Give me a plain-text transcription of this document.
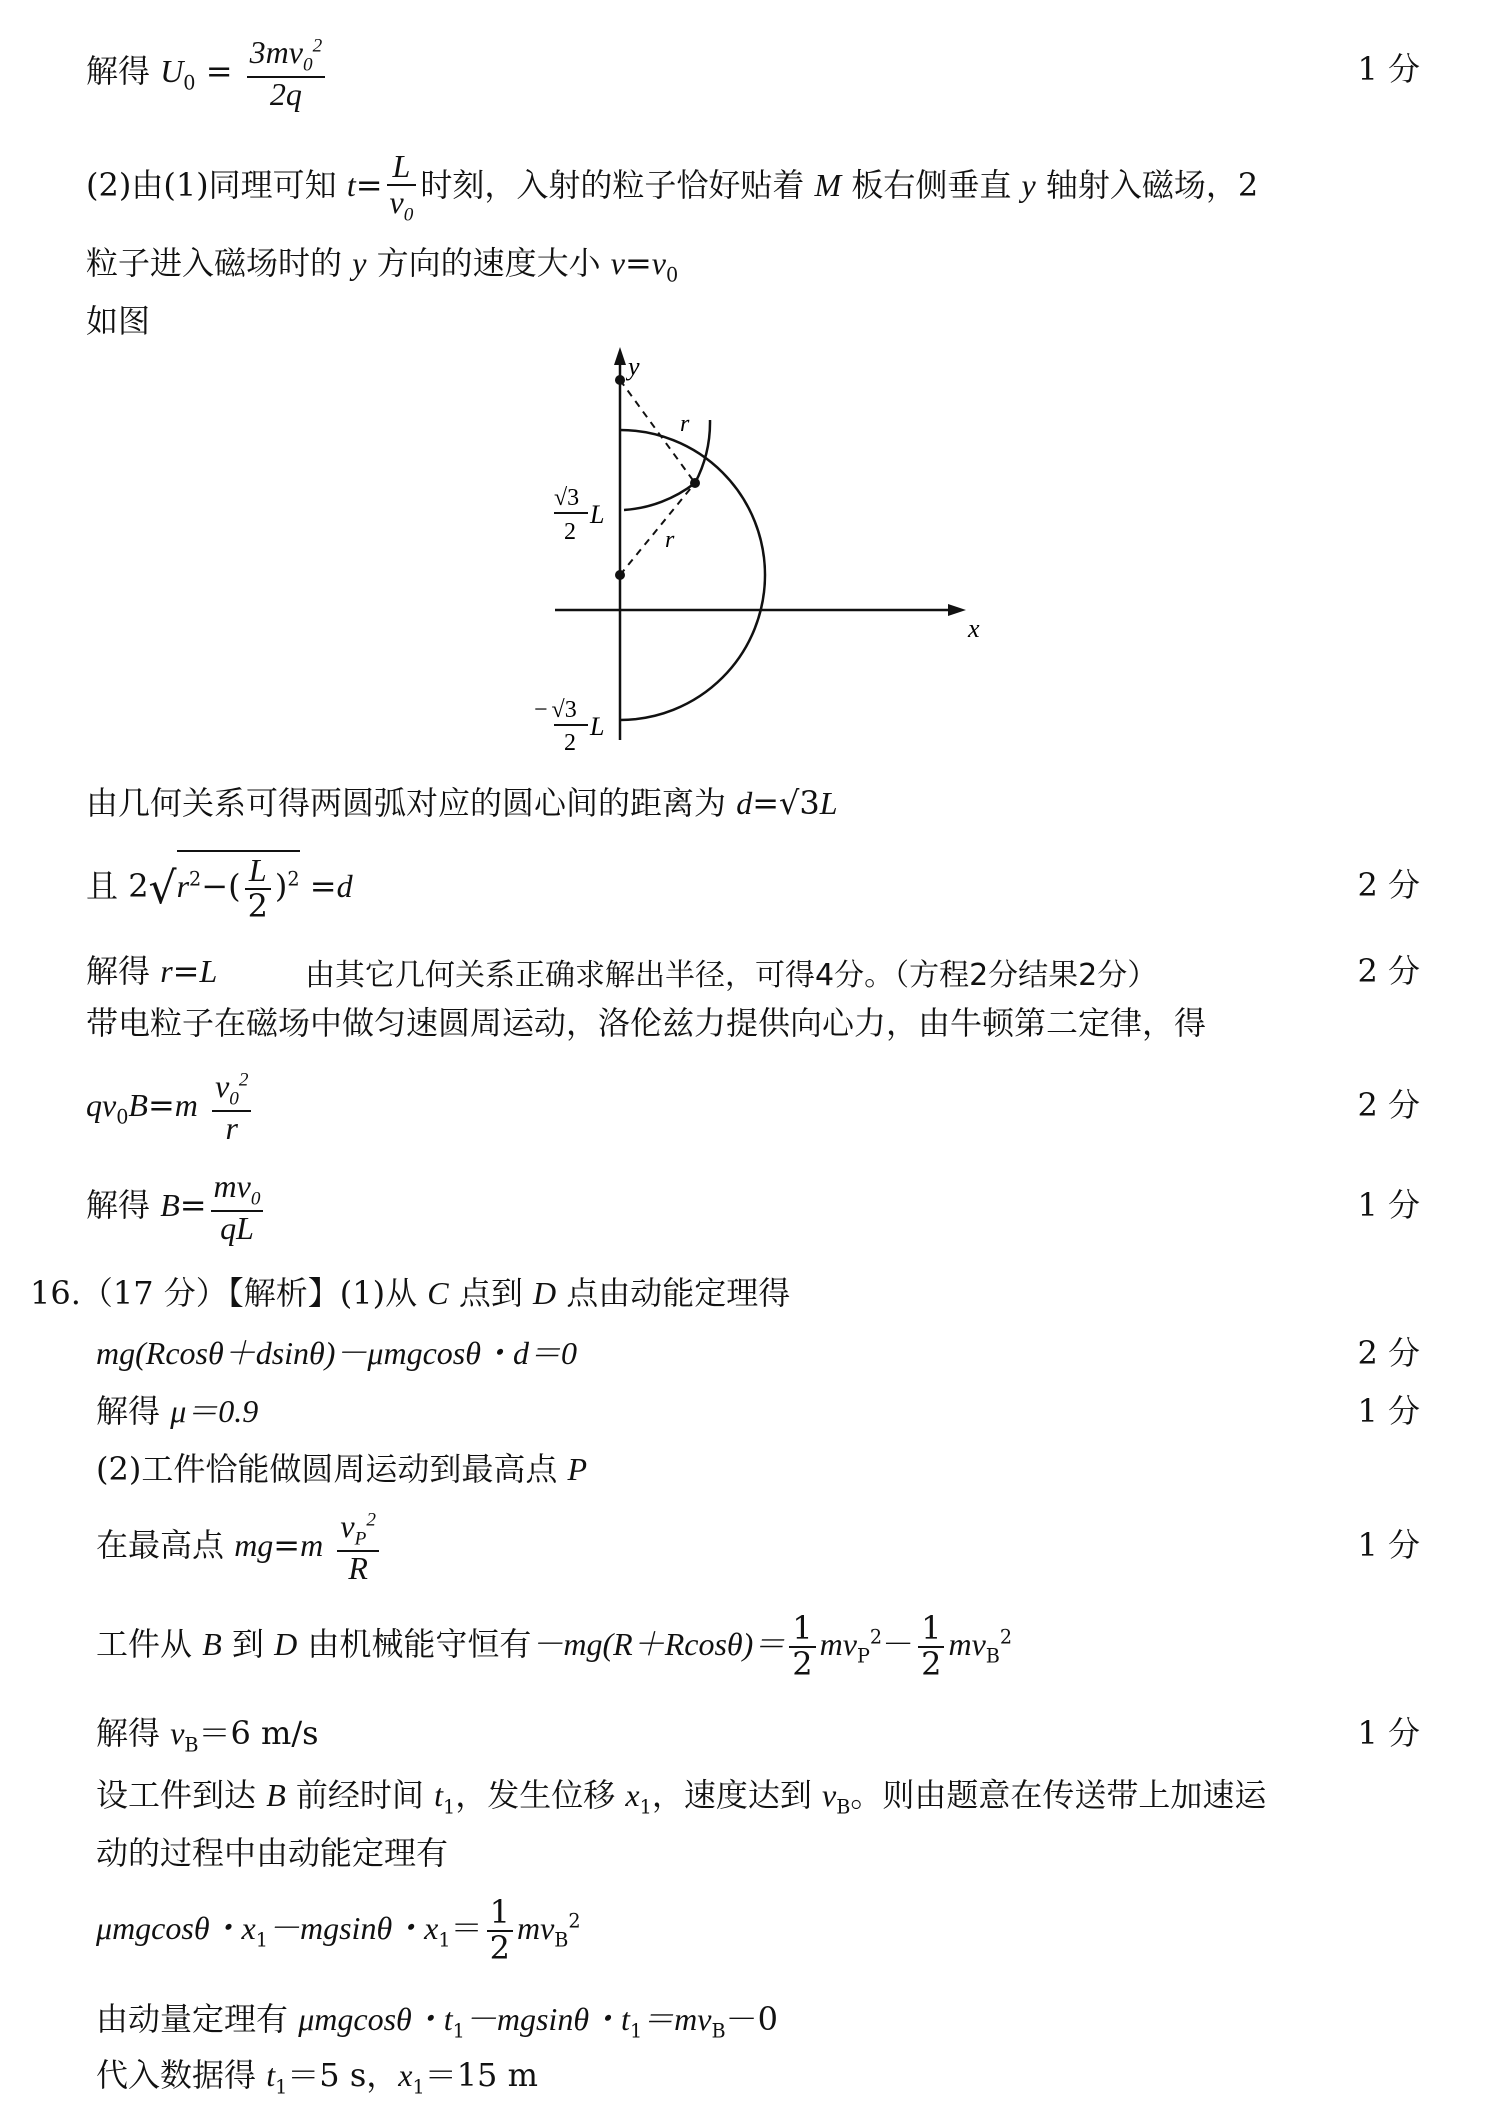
解得 $U_0 = \frac{3mv_0^2}{2q}$	1 分
(2)由(1)同理可知 $t= \frac{L}{v_0}$ 时刻，入射的粒子恰好贴着 M 板右侧垂直 y 轴射入磁场，2
粒子进入磁场时的 y 方向的速度大小 $v=v_0$
如图
y
x
r
r
√3
2
L
− √3
2
L
由几何关系可得两圆弧对应的圆心间的距离为 d=√3L
且 $2√r^2-( \frac{L}{2} )^2 =d$	2 分
解得 r=L	由其它几何关系正确求解出半径，可得4分。（方程2分结果2分）	2 分
带电粒子在磁场中做匀速圆周运动，洛伦兹力提供向心力，由牛顿第二定律，得
$qv_0B=m \frac{v_0^2}{r}$	2 分
解得 $B= \frac{mv_0}{qL}$	1 分
16.（17 分）【解析】(1)从 C 点到 D 点由动能定理得
mg(Rcosθ＋dsinθ)－μmgcosθ・d＝0	2 分
解得 μ＝0.9	1 分
(2)工件恰能做圆周运动到最高点 P
在最高点 $mg=m \frac{v_P^2}{R}$	1 分
工件从 B 到 D 由机械能守恒有$-mg(R+Rcos\theta)= \frac{1}{2} mv_P^2- \frac{1}{2} mv_B^2$
解得 $v_B=6$ m/s	1 分
设工件到达 B 前经时间 $t_1$，发生位移 $x_1$，速度达到 $v_B$。则由题意在传送带上加速运
动的过程中由动能定理有
μmgcosθ・$x_1-mgsin\theta$・$x_1= \frac{1}{2} mv_B^2$
由动量定理有 μmgcosθ・$t_1-mgsin\theta$・$t_1=mv_B-0$
代入数据得 $t_1=5$ s，$x_1=15$ m
